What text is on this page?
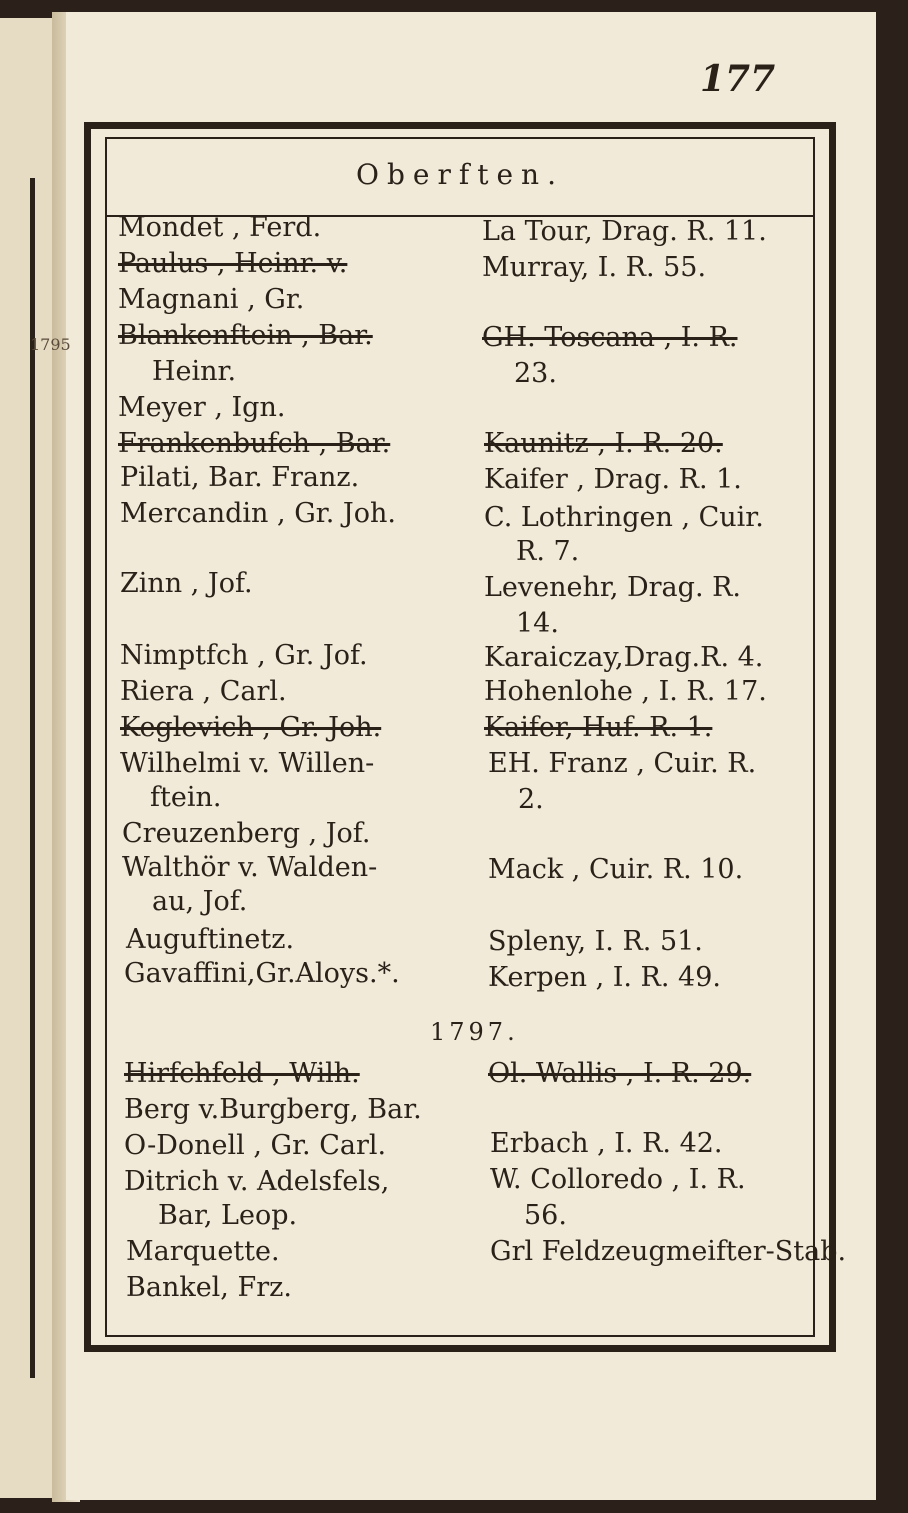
177
1795
Oberften.
1797.
Mondet , Ferd.
Paulus , Heinr. v.
Magnani , Gr.
Blankenftein , Bar.
Heinr.
Meyer , Ign.
Frankenbufch , Bar.
Pilati, Bar. Franz.
Mercandin , Gr. Joh.
Zinn , Jof.
Nimptfch , Gr. Jof.
Riera , Carl.
Keglevich , Gr. Joh.
Wilhelmi v. Willen-
ftein.
Creuzenberg , Jof.
Walthör v. Walden-
au, Jof.
Auguftinetz.
Gavaffini,Gr.Aloys.*.
Hirfchfeld , Wilh.
Berg v.Burgberg, Bar.
O-Donell , Gr. Carl.
Ditrich v. Adelsfels,
Bar, Leop.
Marquette.
Bankel, Frz.
La Tour, Drag. R. 11.
Murray, I. R. 55.
GH. Toscana , I. R.
23.
Kaunitz , I. R. 20.
Kaifer , Drag. R. 1.
C. Lothringen , Cuir.
R. 7.
Levenehr, Drag. R.
14.
Karaiczay,Drag.R. 4.
Hohenlohe , I. R. 17.
Kaifer, Huf. R. 1.
EH. Franz , Cuir. R.
2.
Mack , Cuir. R. 10.
Spleny, I. R. 51.
Kerpen , I. R. 49.
Ol. Wallis , I. R. 29.
Erbach , I. R. 42.
W. Colloredo , I. R.
56.
Grl Feldzeugmeifter-Stab.
